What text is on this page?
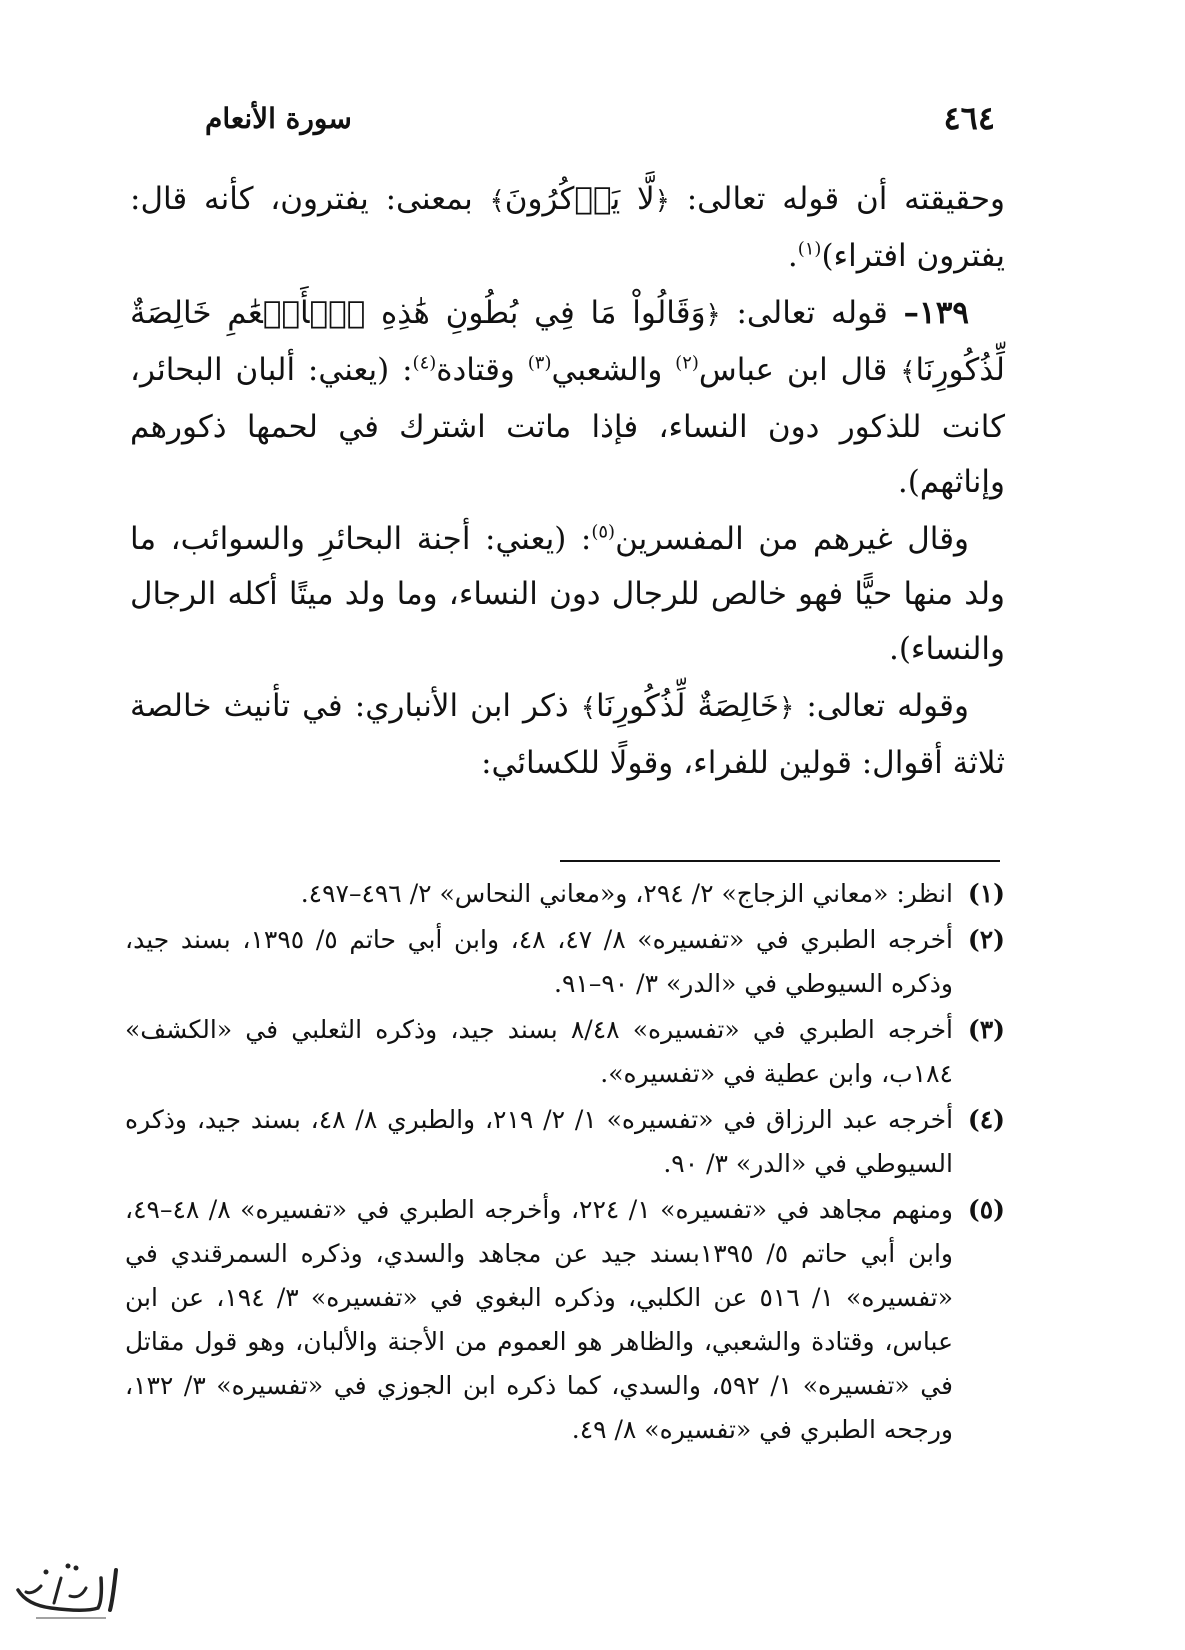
٤٦٤
سورة الأنعام

وحقيقته أن قوله تعالى: ﴿لَّا يَذۡكُرُونَ﴾ بمعنى: يفترون، كأنه قال: يفترون افتراء)$^{(١)}$.

١٣٩– قوله تعالى: ﴿وَقَالُواْ مَا فِي بُطُونِ هَٰذِهِ ٱلۡأَنۡعَٰمِ خَالِصَةٌ لِّذُكُورِنَا﴾ قال ابن عباس$^{(٢)}$ والشعبي$^{(٣)}$ وقتادة$^{(٤)}$: (يعني: ألبان البحائر، كانت للذكور دون النساء، فإذا ماتت اشترك في لحمها ذكورهم وإناثهم).

وقال غيرهم من المفسرين$^{(٥)}$: (يعني: أجنة البحائرِ والسوائب، ما ولد منها حيًّا فهو خالص للرجال دون النساء، وما ولد ميتًا أكله الرجال والنساء).

وقوله تعالى: ﴿خَالِصَةٌ لِّذُكُورِنَا﴾ ذكر ابن الأنباري: في تأنيث خالصة ثلاثة أقوال: قولين للفراء، وقولًا للكسائي:

(١)
انظر: «معاني الزجاج» ٢/ ٢٩٤، و«معاني النحاس» ٢/ ٤٩٦–٤٩٧.
(٢)
أخرجه الطبري في «تفسيره» ٨/ ٤٧، ٤٨، وابن أبي حاتم ٥/ ١٣٩٥، بسند جيد، وذكره السيوطي في «الدر» ٣/ ٩٠–٩١.
(٣)
أخرجه الطبري في «تفسيره» ٨/٤٨ بسند جيد، وذكره الثعلبي في «الكشف» ١٨٤ب، وابن عطية في «تفسيره».
(٤)
أخرجه عبد الرزاق في «تفسيره» ١/ ٢/ ٢١٩، والطبري ٨/ ٤٨، بسند جيد، وذكره السيوطي في «الدر» ٣/ ٩٠.
(٥)
ومنهم مجاهد في «تفسيره» ١/ ٢٢٤، وأخرجه الطبري في «تفسيره» ٨/ ٤٨–٤٩، وابن أبي حاتم ٥/ ١٣٩٥بسند جيد عن مجاهد والسدي، وذكره السمرقندي في «تفسيره» ١/ ٥١٦ عن الكلبي، وذكره البغوي في «تفسيره» ٣/ ١٩٤، عن ابن عباس، وقتادة والشعبي، والظاهر هو العموم من الأجنة والألبان، وهو قول مقاتل في «تفسيره» ١/ ٥٩٢، والسدي، كما ذكره ابن الجوزي في «تفسيره» ٣/ ١٣٢، ورجحه الطبري في «تفسيره» ٨/ ٤٩.
